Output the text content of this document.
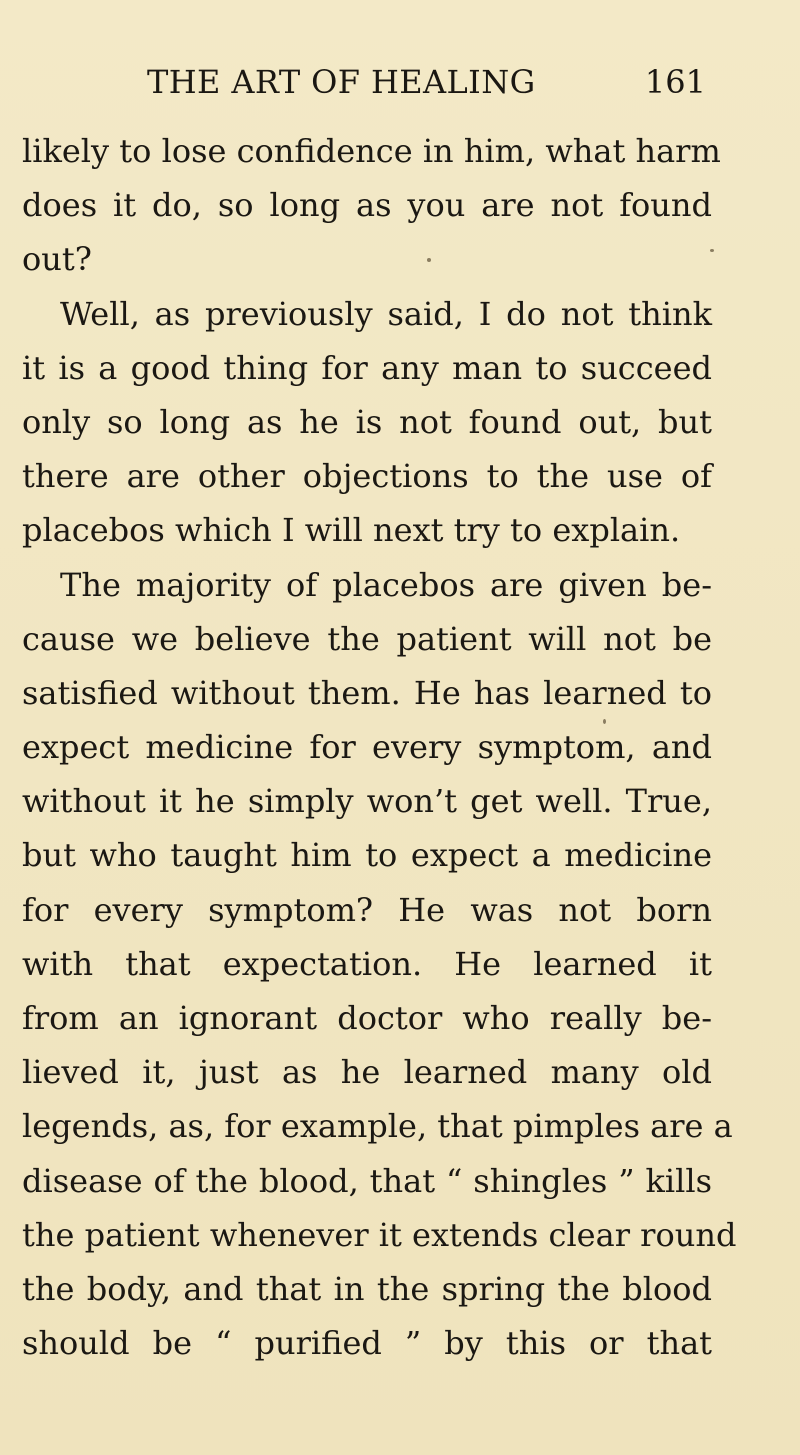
THE ART OF HEALING	161
likely to lose confidence in him, what harm
does it do, so long as you are not found
out?
Well, as previously said, I do not think
it is a good thing for any man to succeed
only so long as he is not found out, but
there are other objections to the use of
placebos which I will next try to explain.
The majority of placebos are given be-
cause we believe the patient will not be
satisfied without them. He has learned to
expect medicine for every symptom, and
without it he simply won’t get well. True,
but who taught him to expect a medicine
for every symptom? He was not born
with that expectation. He learned it
from an ignorant doctor who really be-
lieved it, just as he learned many old
legends, as, for example, that pimples are a
disease of the blood, that “ shingles ” kills
the patient whenever it extends clear round
the body, and that in the spring the blood
should be “ purified ” by this or that
